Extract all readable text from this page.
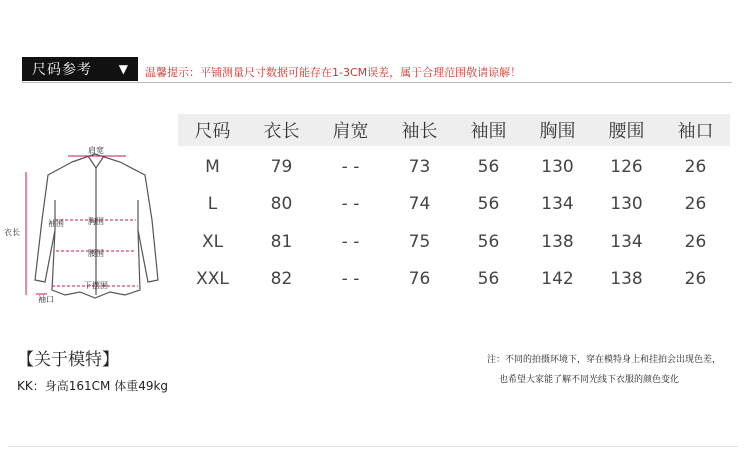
尺码参考 ▼ 温馨提示：平铺测量尺寸数据可能存在1-3CM误差，属于合理范围敬请谅解！
肩宽
衣长
袖围	胸围
腰围
下摆围
袖口
尺码	衣长	肩宽	袖长	袖围	胸围	腰围	袖口
M	79	- -	73	56	130	126	26
L	80	- -	74	56	134	130	26
XL	81	- -	75	56	138	134	26
XXL	82	- -	76	56	142	138	26
【关于模特】
KK：身高161CM 体重49kg
注：不同的拍摄环境下，穿在模特身上和挂拍会出现色差，
也希望大家能了解不同光线下衣服的颜色变化
